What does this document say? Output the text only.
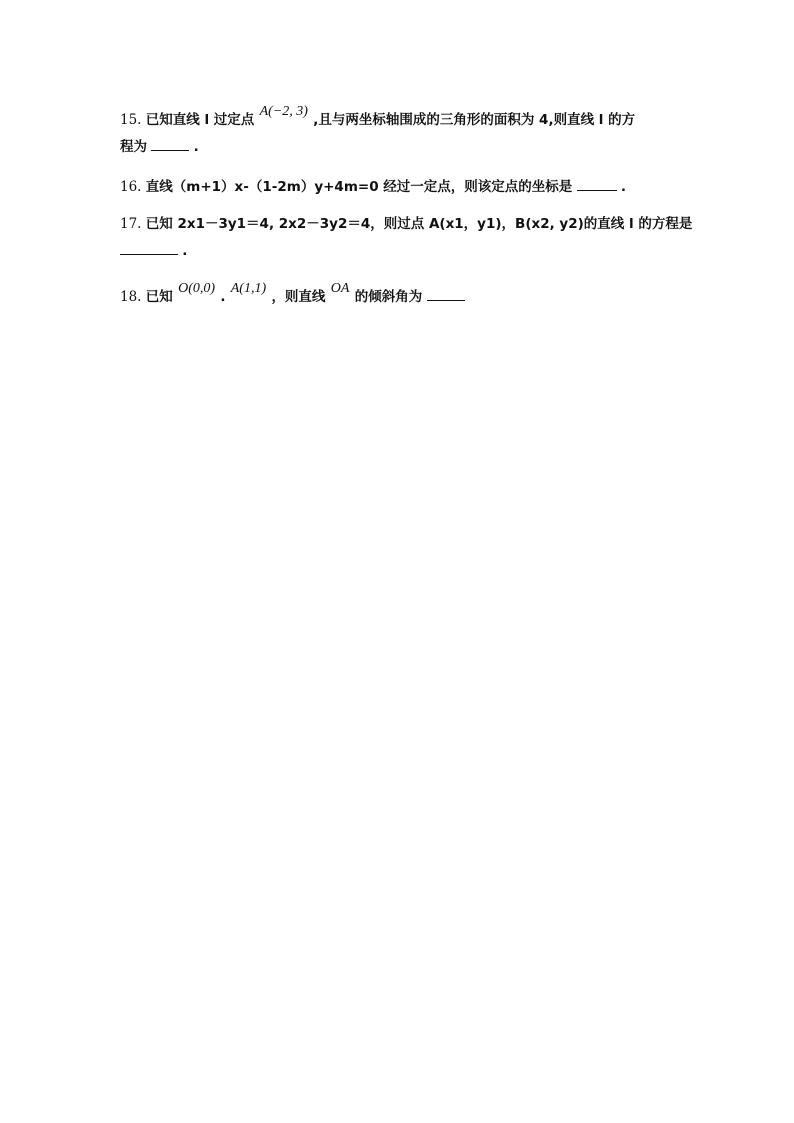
15. 已知直线 l 过定点 A(−2, 3) ,且与两坐标轴围成的三角形的面积为 4,则直线 l 的方
程为	.
16. 直线（m+1）x-（1-2m）y+4m=0 经过一定点，则该定点的坐标是	.
17. 已知 2x1－3y1＝4, 2x2－3y2＝4，则过点 A(x1，y1)，B(x2, y2)的直线 l 的方程是
.
18. 已知 O(0,0) . A(1,1) ，则直线 OA 的倾斜角为
